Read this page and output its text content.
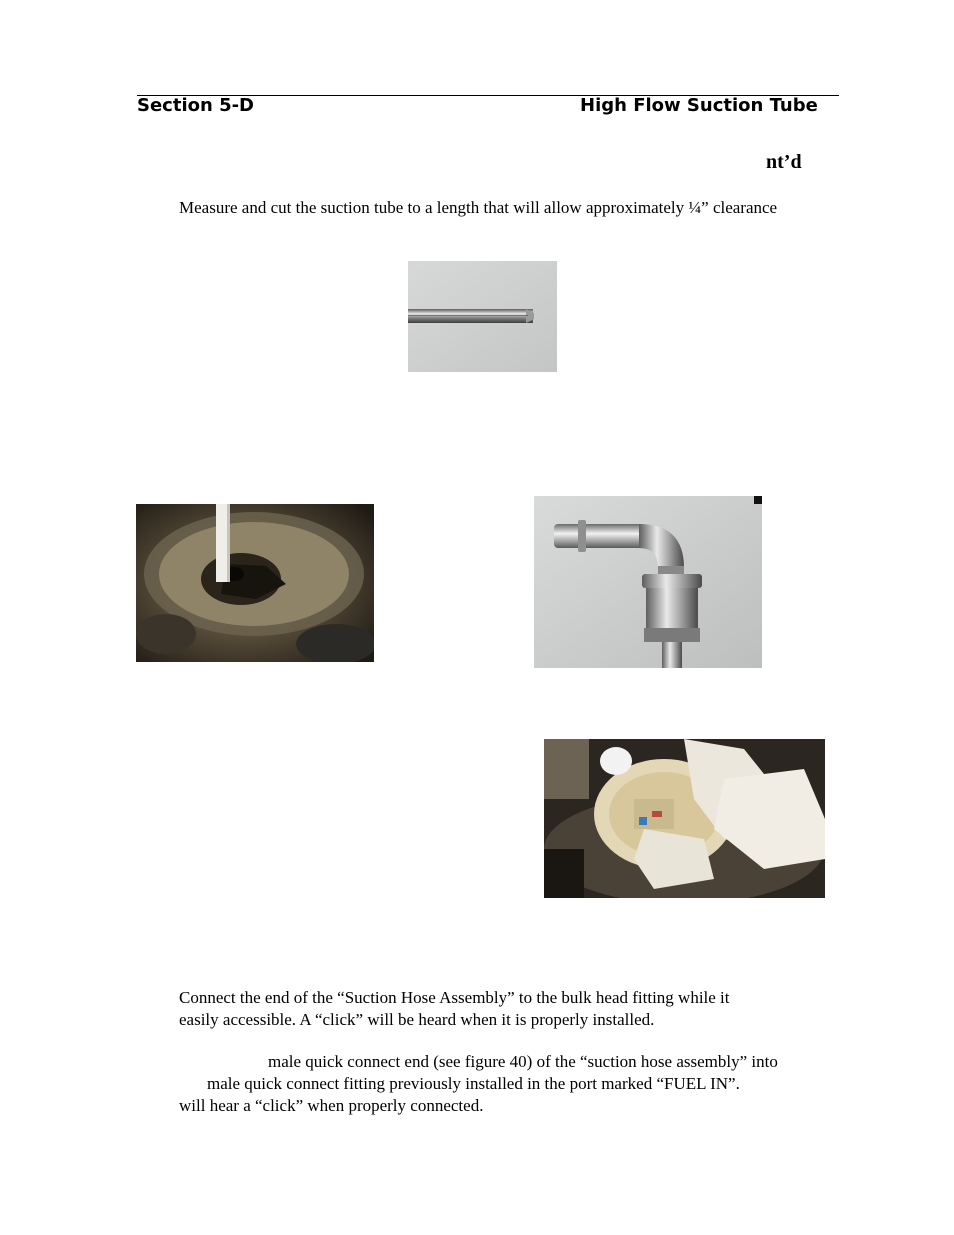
Section 5-D	High Flow Suction Tube
nt’d
Measure and cut the suction tube to a length that will allow approximately ¼” clearance
Connect the end of the “Suction Hose Assembly” to the bulk head fitting while it
easily accessible. A “click” will be heard when it is properly installed.
male quick connect end (see figure 40) of the “suction hose assembly” into
male quick connect fitting previously installed in the port marked “FUEL IN”.
will hear a “click” when properly connected.
